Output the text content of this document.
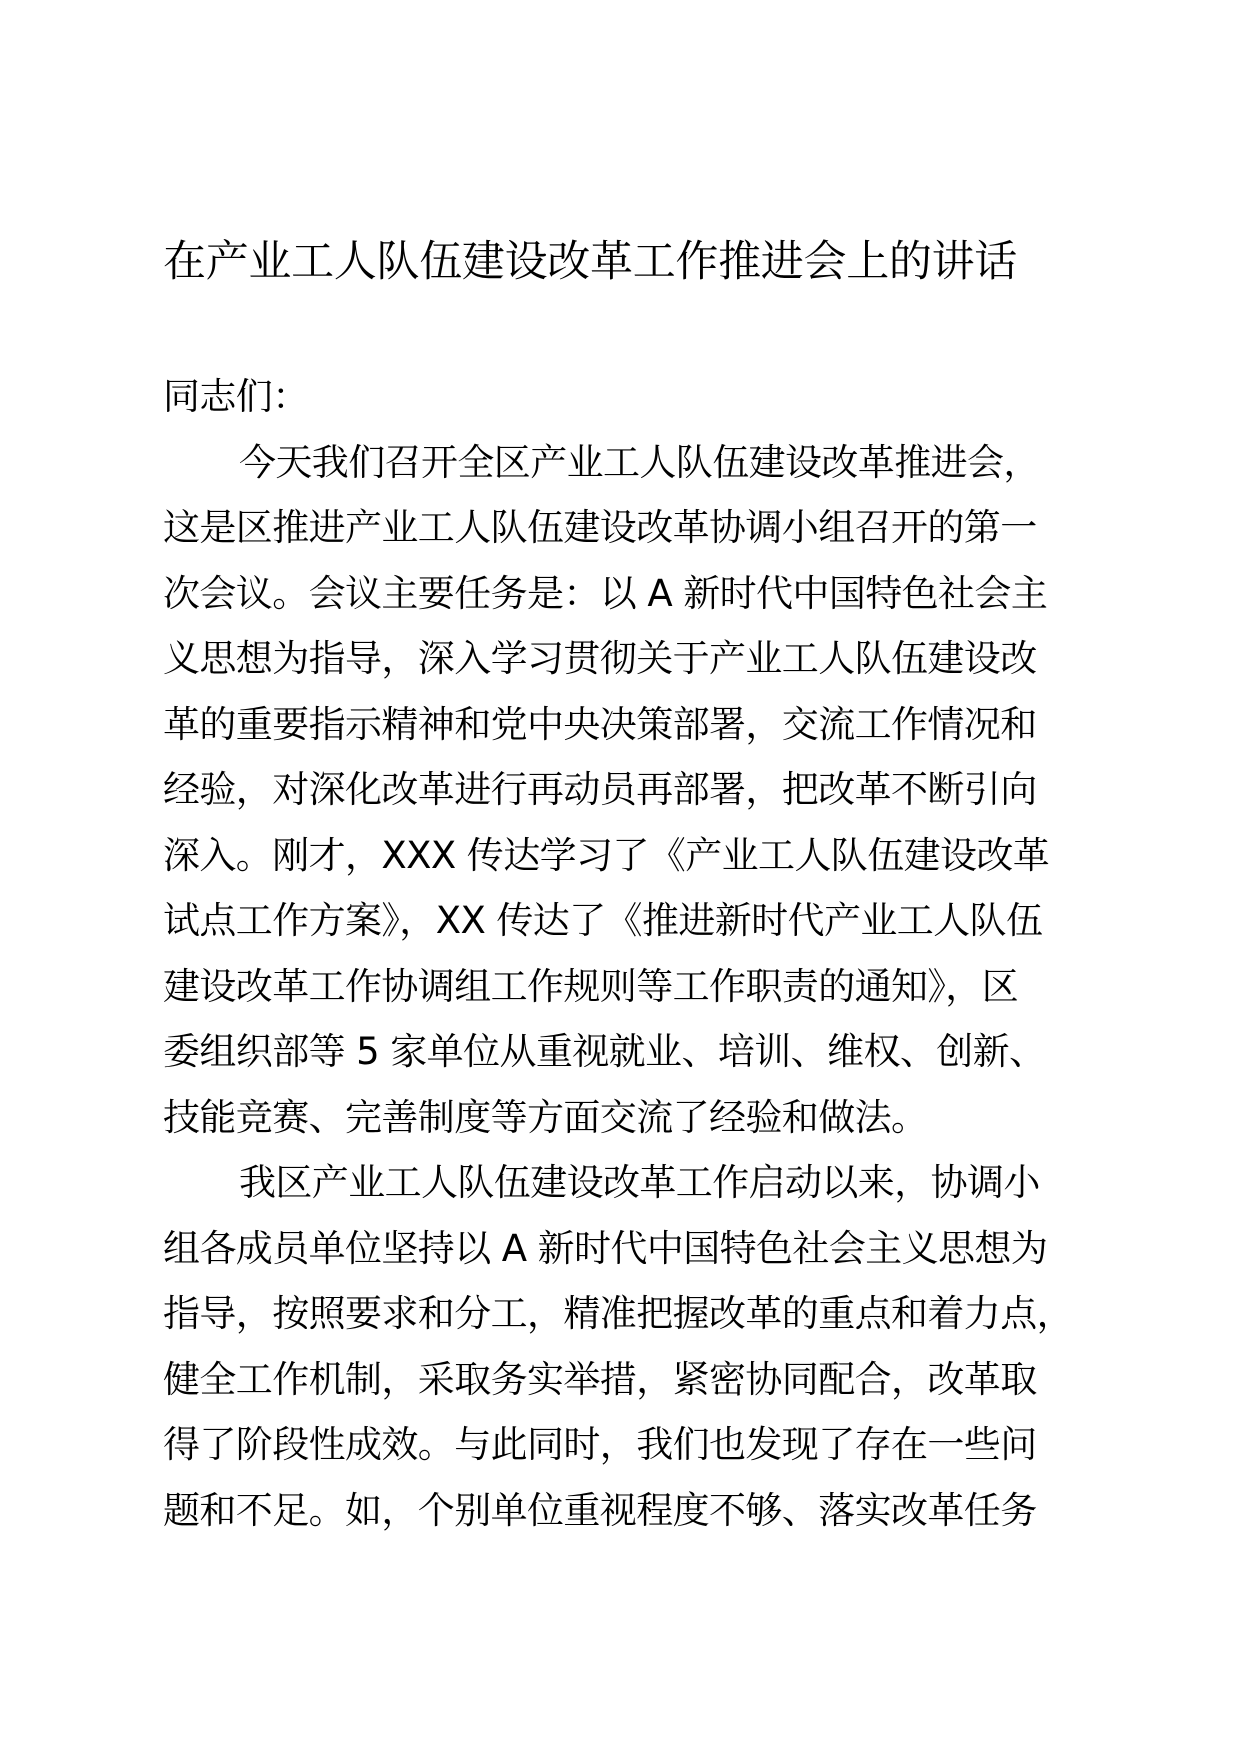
在产业工人队伍建设改革工作推进会上的讲话
同志们：
今天我们召开全区产业工人队伍建设改革推进会，
这是区推进产业工人队伍建设改革协调小组召开的第一
次会议。会议主要任务是：以 A 新时代中国特色社会主
义思想为指导，深入学习贯彻关于产业工人队伍建设改
革的重要指示精神和党中央决策部署，交流工作情况和
经验，对深化改革进行再动员再部署，把改革不断引向
深入。刚才，XXX 传达学习了《产业工人队伍建设改革
试点工作方案》，XX 传达了《推进新时代产业工人队伍
建设改革工作协调组工作规则等工作职责的通知》，区
委组织部等 5 家单位从重视就业、培训、维权、创新、
技能竞赛、完善制度等方面交流了经验和做法。
我区产业工人队伍建设改革工作启动以来，协调小
组各成员单位坚持以 A 新时代中国特色社会主义思想为
指导，按照要求和分工，精准把握改革的重点和着力点，
健全工作机制，采取务实举措，紧密协同配合，改革取
得了阶段性成效。与此同时，我们也发现了存在一些问
题和不足。如，个别单位重视程度不够、落实改革任务
